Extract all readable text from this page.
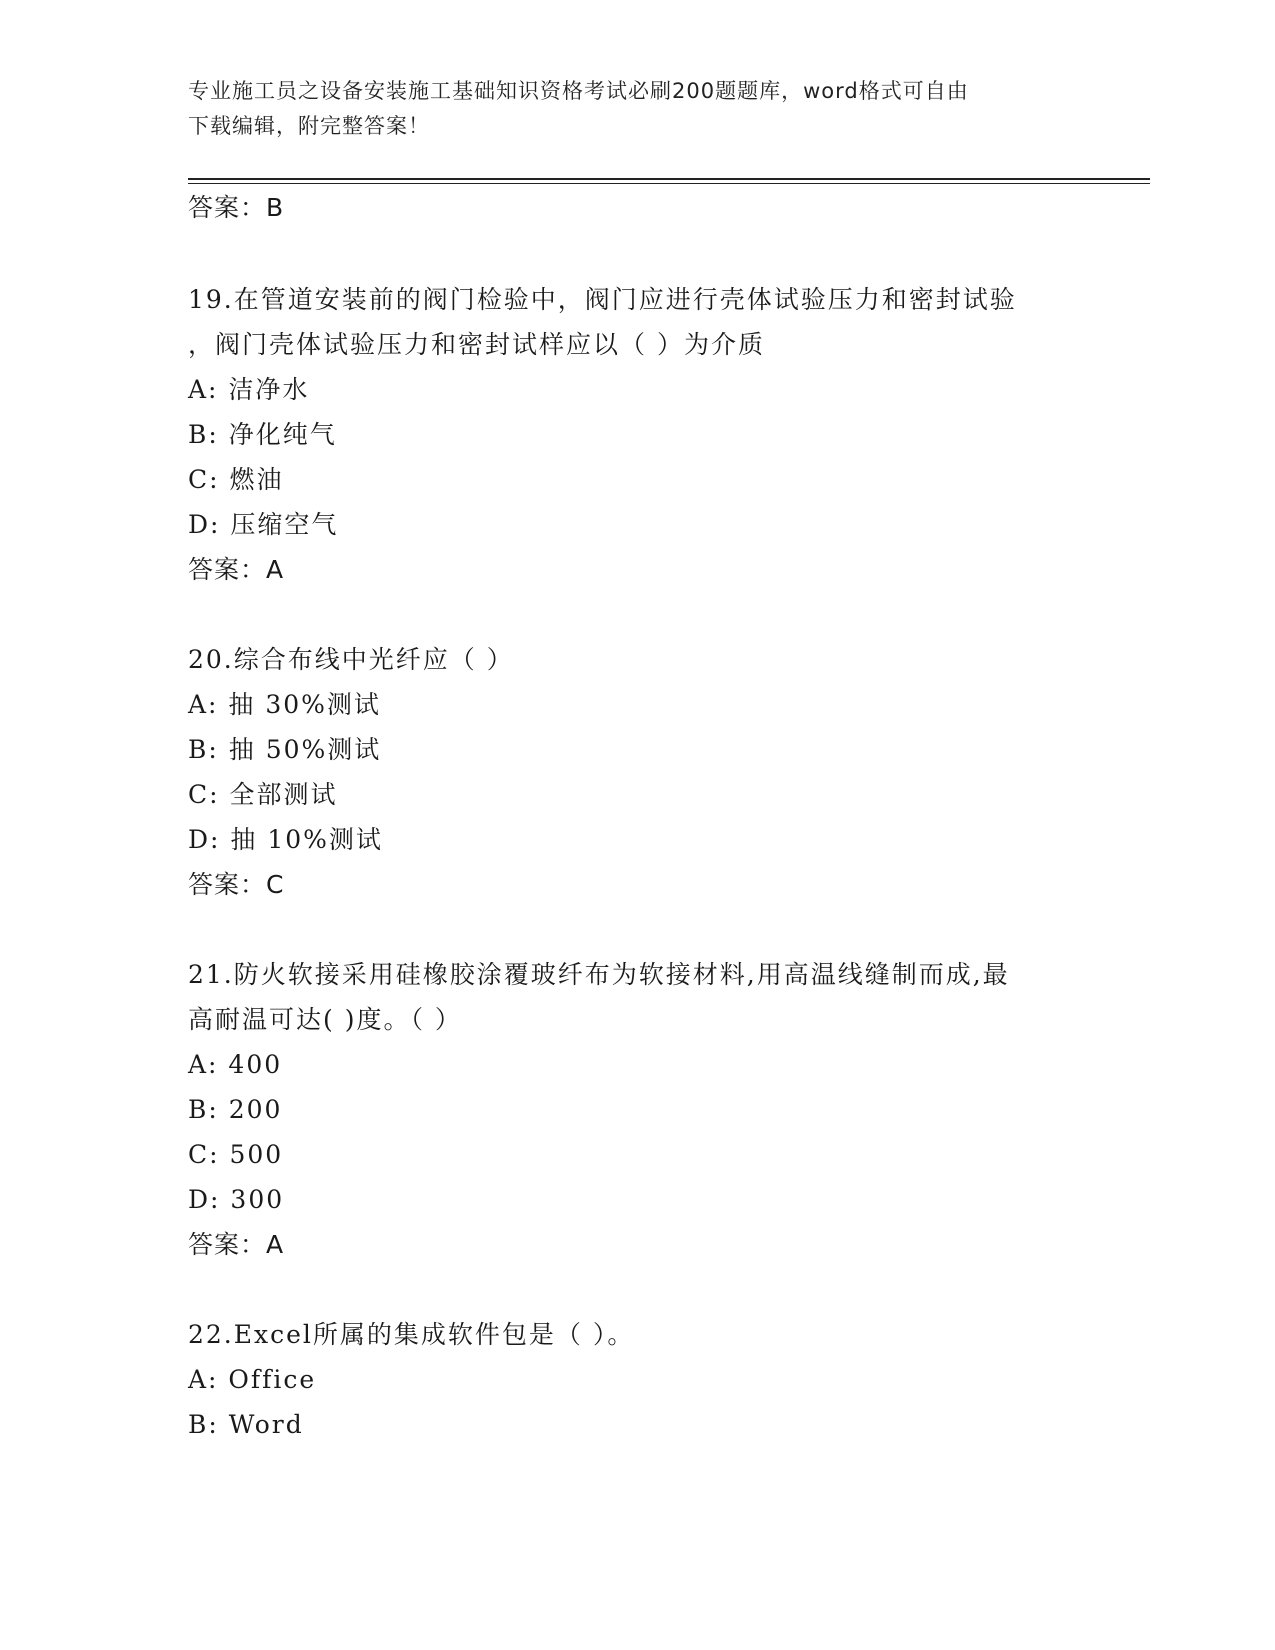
专业施工员之设备安装施工基础知识资格考试必刷200题题库，word格式可自由
下载编辑，附完整答案！
答案：B
19.在管道安装前的阀门检验中，阀门应进行壳体试验压力和密封试验
，阀门壳体试验压力和密封试样应以（ ）为介质
A: 洁净水
B: 净化纯气
C: 燃油
D: 压缩空气
答案：A
20.综合布线中光纤应（ ）
A: 抽 30%测试
B: 抽 50%测试
C: 全部测试
D: 抽 10%测试
答案：C
21.防火软接采用硅橡胶涂覆玻纤布为软接材料,用高温线缝制而成,最
高耐温可达( )度。（ ）
A: 400
B: 200
C: 500
D: 300
答案：A
22.Excel所属的集成软件包是（ ）。
A: Office
B: Word
